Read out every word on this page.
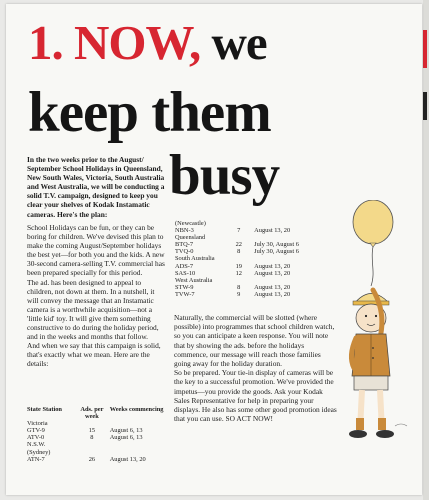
1. NOW, we
keep them
busy
In the two weeks prior to the August/ September School Holidays in Queensland, New South Wales, Victoria, South Australia and West Australia, we will be conducting a solid T.V. campaign, designed to keep you clear your shelves of Kodak Instamatic cameras. Here's the plan:

School Holidays can be fun, or they can be boring for children. We've devised this plan to make the coming August/September holidays the best yet—for both you and the kids. A new 30-second camera-selling T.V. commercial has been prepared specially for this period.

The ad. has been designed to appeal to children, not down at them. In a nutshell, it will convey the message that an Instamatic camera is a worthwhile acquisition—not a 'little kid' toy. It will give them something constructive to do during the holiday period, and in the weeks and months that follow.

And when we say that this campaign is solid, that's exactly what we mean. Here are the details:

State Station	Ads. per week	Weeks commencing
Victoria		
GTV-9	15	August 6, 13
ATV-0	8	August 6, 13
N.S.W.		
(Sydney)		
ATN-7	26	August 13, 20
(Newcastle)		
NBN-3	7	August 13, 20
Queensland		
BTQ-7	22	July 30, August 6
TVQ-0	8	July 30, August 6
South Australia		
ADS-7	19	August 13, 20
SAS-10	12	August 13, 20
West Australia		
STW-9	8	August 13, 20
TVW-7	9	August 13, 20

Naturally, the commercial will be slotted (where possible) into programmes that school children watch, so you can anticipate a keen response. You will note that by showing the ads. before the holidays commence, our message will reach those families going away for the holiday duration.

So be prepared. Your tie-in display of cameras will be the key to a successful promotion. We've provided the impetus—you provide the goods. Ask your Kodak Sales Representative for help in preparing your displays. He also has some other good promotion ideas that you can use. SO ACT NOW!
